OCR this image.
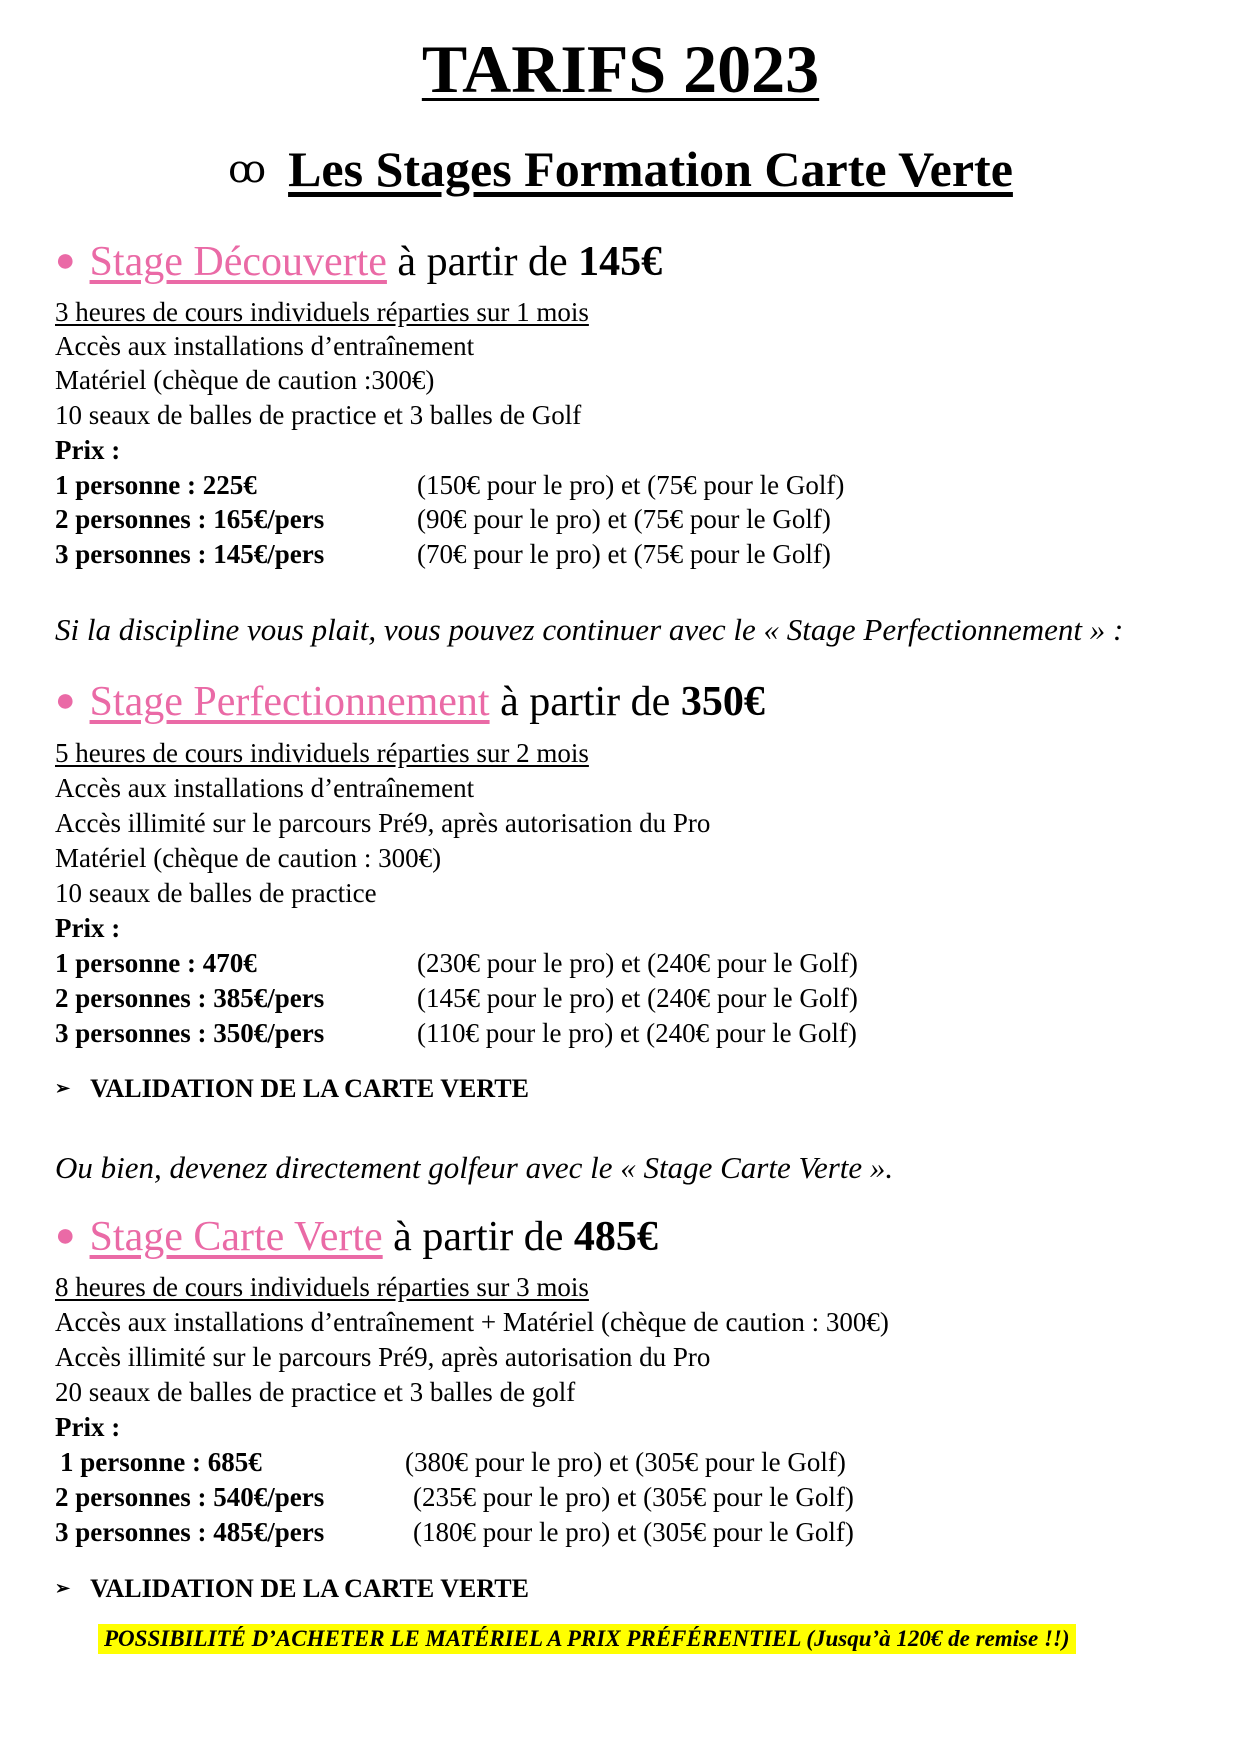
TARIFS 2023
ꝏ Les Stages Formation Carte Verte
● Stage Découverte à partir de 145€
3 heures de cours individuels réparties sur 1 mois
Accès aux installations d’entraînement
Matériel (chèque de caution :300€)
10 seaux de balles de practice et 3 balles de Golf
Prix :
1 personne : 225€	(150€ pour le pro) et (75€ pour le Golf)
2 personnes : 165€/pers	(90€ pour le pro) et (75€ pour le Golf)
3 personnes : 145€/pers	(70€ pour le pro) et (75€ pour le Golf)
Si la discipline vous plait, vous pouvez continuer avec le « Stage Perfectionnement » :
● Stage Perfectionnement à partir de 350€
5 heures de cours individuels réparties sur 2 mois
Accès aux installations d’entraînement
Accès illimité sur le parcours Pré9, après autorisation du Pro
Matériel (chèque de caution : 300€)
10 seaux de balles de practice
Prix :
1 personne : 470€	(230€ pour le pro) et (240€ pour le Golf)
2 personnes : 385€/pers	(145€ pour le pro) et (240€ pour le Golf)
3 personnes : 350€/pers	(110€ pour le pro) et (240€ pour le Golf)
➢ VALIDATION DE LA CARTE VERTE
Ou bien, devenez directement golfeur avec le « Stage Carte Verte ».
● Stage Carte Verte à partir de 485€
8 heures de cours individuels réparties sur 3 mois
Accès aux installations d’entraînement + Matériel (chèque de caution : 300€)
Accès illimité sur le parcours Pré9, après autorisation du Pro
20 seaux de balles de practice et 3 balles de golf
Prix :
1 personne : 685€	(380€ pour le pro) et (305€ pour le Golf)
2 personnes : 540€/pers	(235€ pour le pro) et (305€ pour le Golf)
3 personnes : 485€/pers	(180€ pour le pro) et (305€ pour le Golf)
➢ VALIDATION DE LA CARTE VERTE
POSSIBILITÉ D’ACHETER LE MATÉRIEL A PRIX PRÉFÉRENTIEL (Jusqu’à 120€ de remise !!)
